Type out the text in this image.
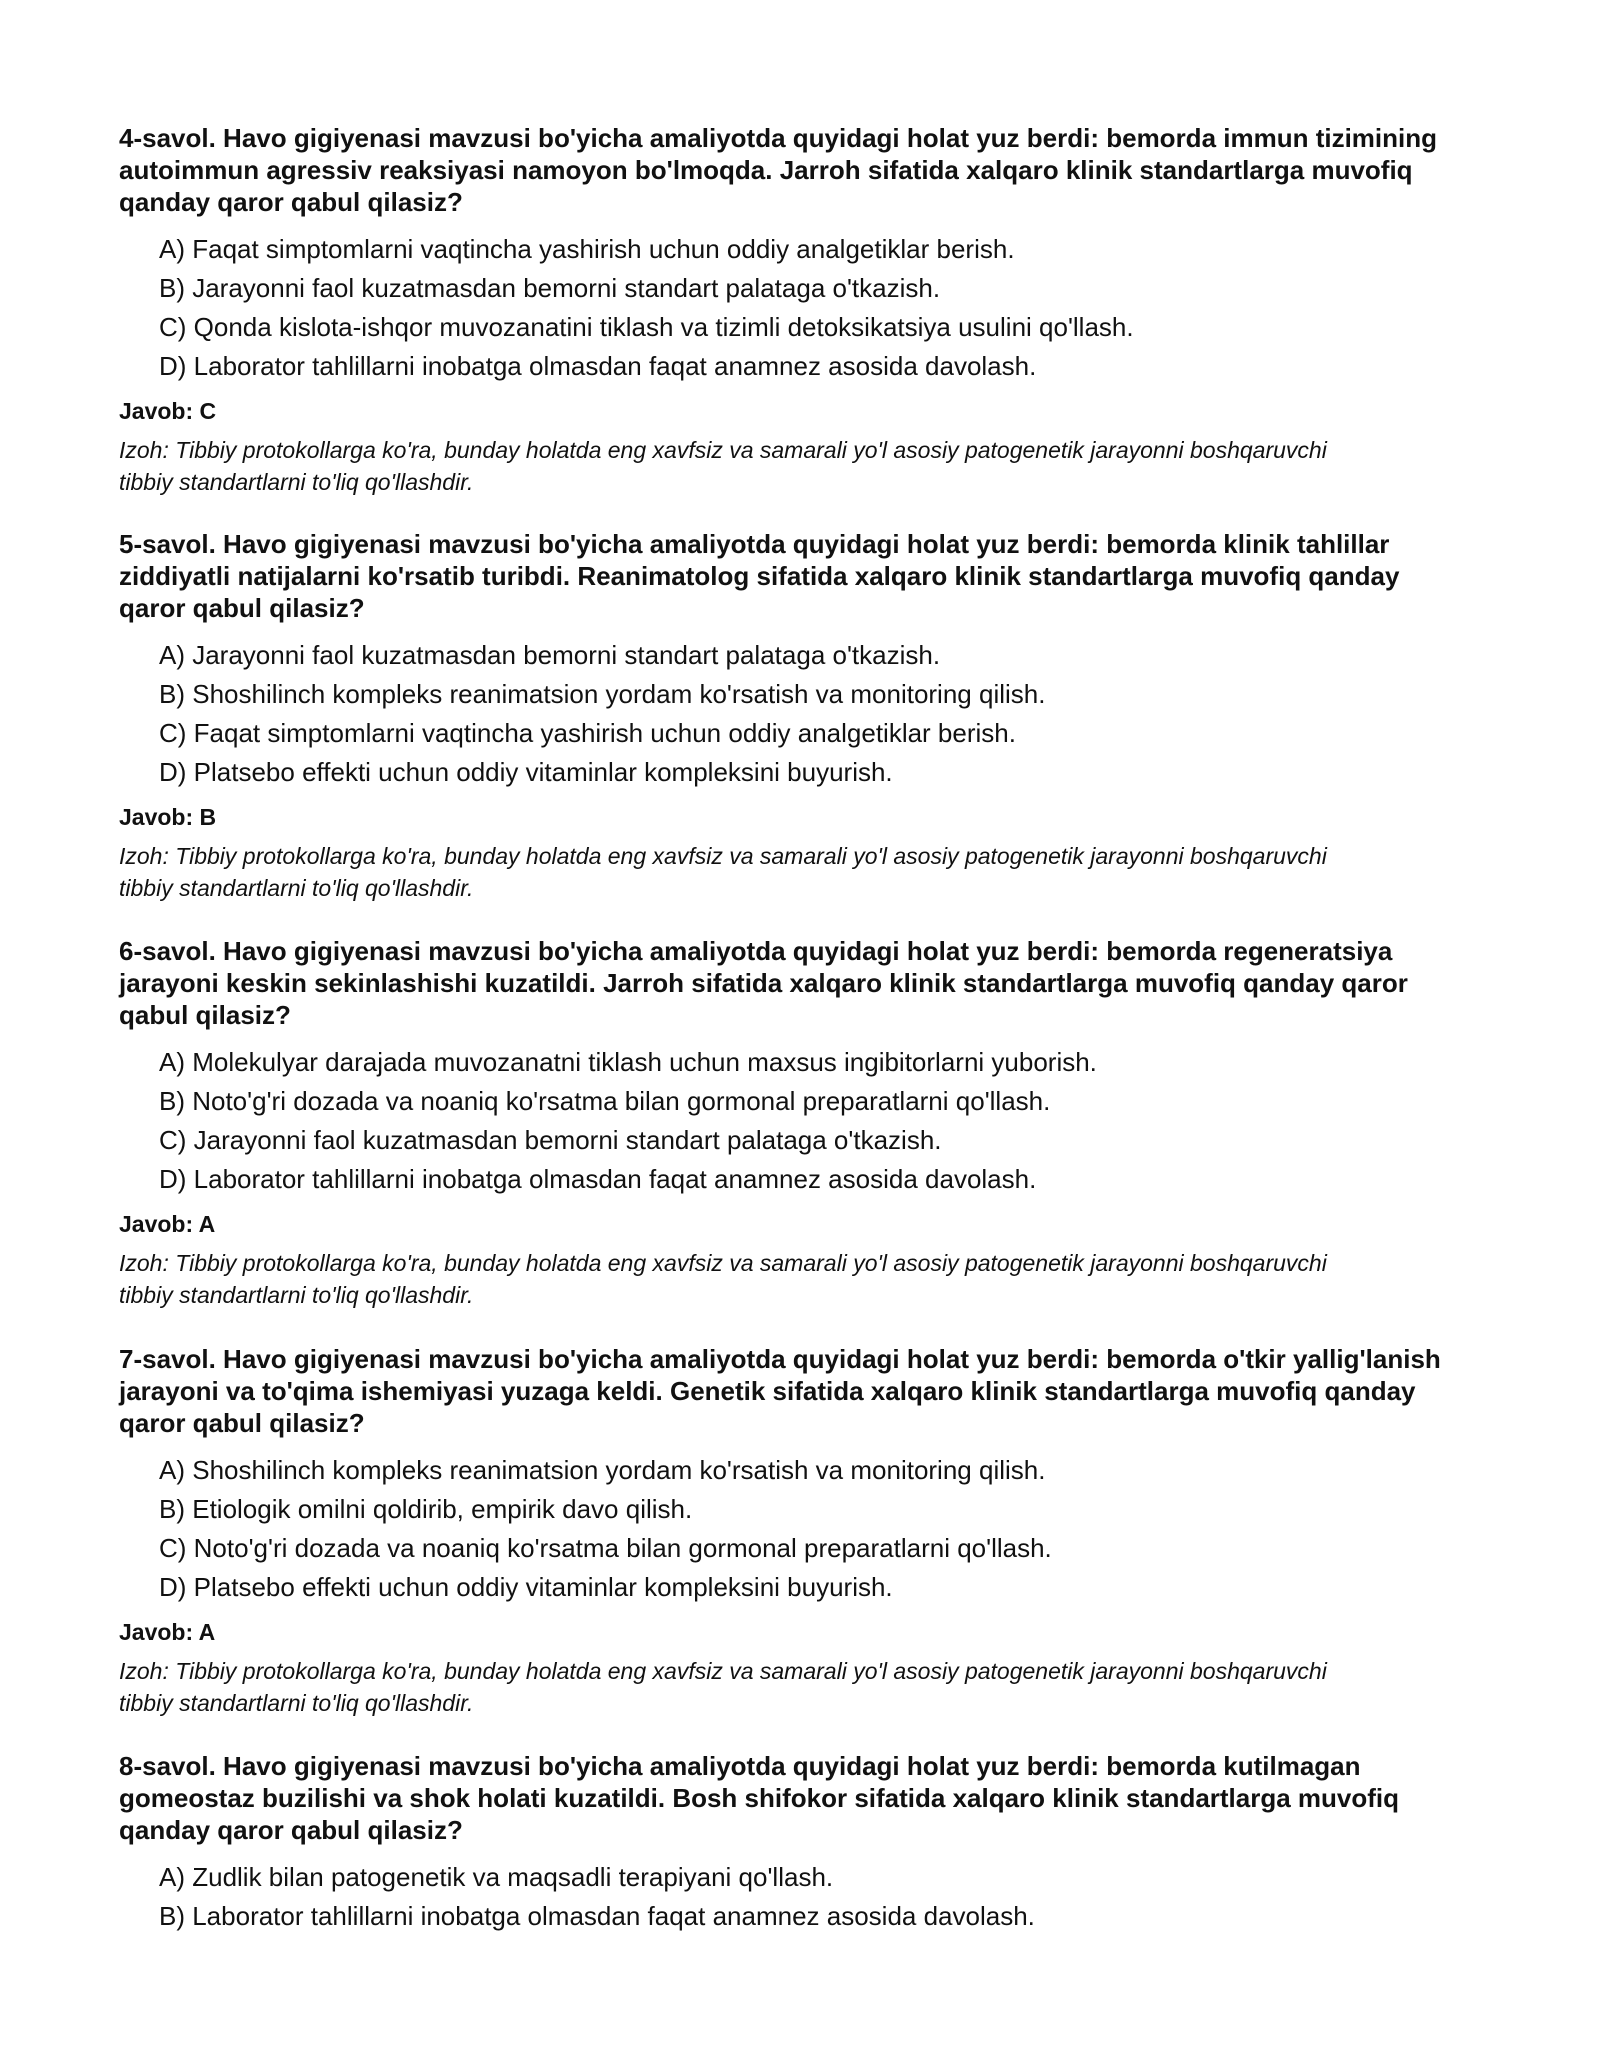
4-savol. Havo gigiyenasi mavzusi bo'yicha amaliyotda quyidagi holat yuz berdi: bemorda immun tizimining autoimmun agressiv reaksiyasi namoyon bo'lmoqda. Jarroh sifatida xalqaro klinik standartlarga muvofiq qanday qaror qabul qilasiz?

A) Faqat simptomlarni vaqtincha yashirish uchun oddiy analgetiklar berish.
B) Jarayonni faol kuzatmasdan bemorni standart palataga o'tkazish.
C) Qonda kislota-ishqor muvozanatini tiklash va tizimli detoksikatsiya usulini qo'llash.
D) Laborator tahlillarni inobatga olmasdan faqat anamnez asosida davolash.

Javob: C

Izoh: Tibbiy protokollarga ko'ra, bunday holatda eng xavfsiz va samarali yo'l asosiy patogenetik jarayonni boshqaruvchi tibbiy standartlarni to'liq qo'llashdir.

5-savol. Havo gigiyenasi mavzusi bo'yicha amaliyotda quyidagi holat yuz berdi: bemorda klinik tahlillar ziddiyatli natijalarni ko'rsatib turibdi. Reanimatolog sifatida xalqaro klinik standartlarga muvofiq qanday qaror qabul qilasiz?

A) Jarayonni faol kuzatmasdan bemorni standart palataga o'tkazish.
B) Shoshilinch kompleks reanimatsion yordam ko'rsatish va monitoring qilish.
C) Faqat simptomlarni vaqtincha yashirish uchun oddiy analgetiklar berish.
D) Platsebo effekti uchun oddiy vitaminlar kompleksini buyurish.

Javob: B

Izoh: Tibbiy protokollarga ko'ra, bunday holatda eng xavfsiz va samarali yo'l asosiy patogenetik jarayonni boshqaruvchi tibbiy standartlarni to'liq qo'llashdir.

6-savol. Havo gigiyenasi mavzusi bo'yicha amaliyotda quyidagi holat yuz berdi: bemorda regeneratsiya jarayoni keskin sekinlashishi kuzatildi. Jarroh sifatida xalqaro klinik standartlarga muvofiq qanday qaror qabul qilasiz?

A) Molekulyar darajada muvozanatni tiklash uchun maxsus ingibitorlarni yuborish.
B) Noto'g'ri dozada va noaniq ko'rsatma bilan gormonal preparatlarni qo'llash.
C) Jarayonni faol kuzatmasdan bemorni standart palataga o'tkazish.
D) Laborator tahlillarni inobatga olmasdan faqat anamnez asosida davolash.

Javob: A

Izoh: Tibbiy protokollarga ko'ra, bunday holatda eng xavfsiz va samarali yo'l asosiy patogenetik jarayonni boshqaruvchi tibbiy standartlarni to'liq qo'llashdir.

7-savol. Havo gigiyenasi mavzusi bo'yicha amaliyotda quyidagi holat yuz berdi: bemorda o'tkir yallig'lanish jarayoni va to'qima ishemiyasi yuzaga keldi. Genetik sifatida xalqaro klinik standartlarga muvofiq qanday qaror qabul qilasiz?

A) Shoshilinch kompleks reanimatsion yordam ko'rsatish va monitoring qilish.
B) Etiologik omilni qoldirib, empirik davo qilish.
C) Noto'g'ri dozada va noaniq ko'rsatma bilan gormonal preparatlarni qo'llash.
D) Platsebo effekti uchun oddiy vitaminlar kompleksini buyurish.

Javob: A

Izoh: Tibbiy protokollarga ko'ra, bunday holatda eng xavfsiz va samarali yo'l asosiy patogenetik jarayonni boshqaruvchi tibbiy standartlarni to'liq qo'llashdir.

8-savol. Havo gigiyenasi mavzusi bo'yicha amaliyotda quyidagi holat yuz berdi: bemorda kutilmagan gomeostaz buzilishi va shok holati kuzatildi. Bosh shifokor sifatida xalqaro klinik standartlarga muvofiq qanday qaror qabul qilasiz?

A) Zudlik bilan patogenetik va maqsadli terapiyani qo'llash.
B) Laborator tahlillarni inobatga olmasdan faqat anamnez asosida davolash.
